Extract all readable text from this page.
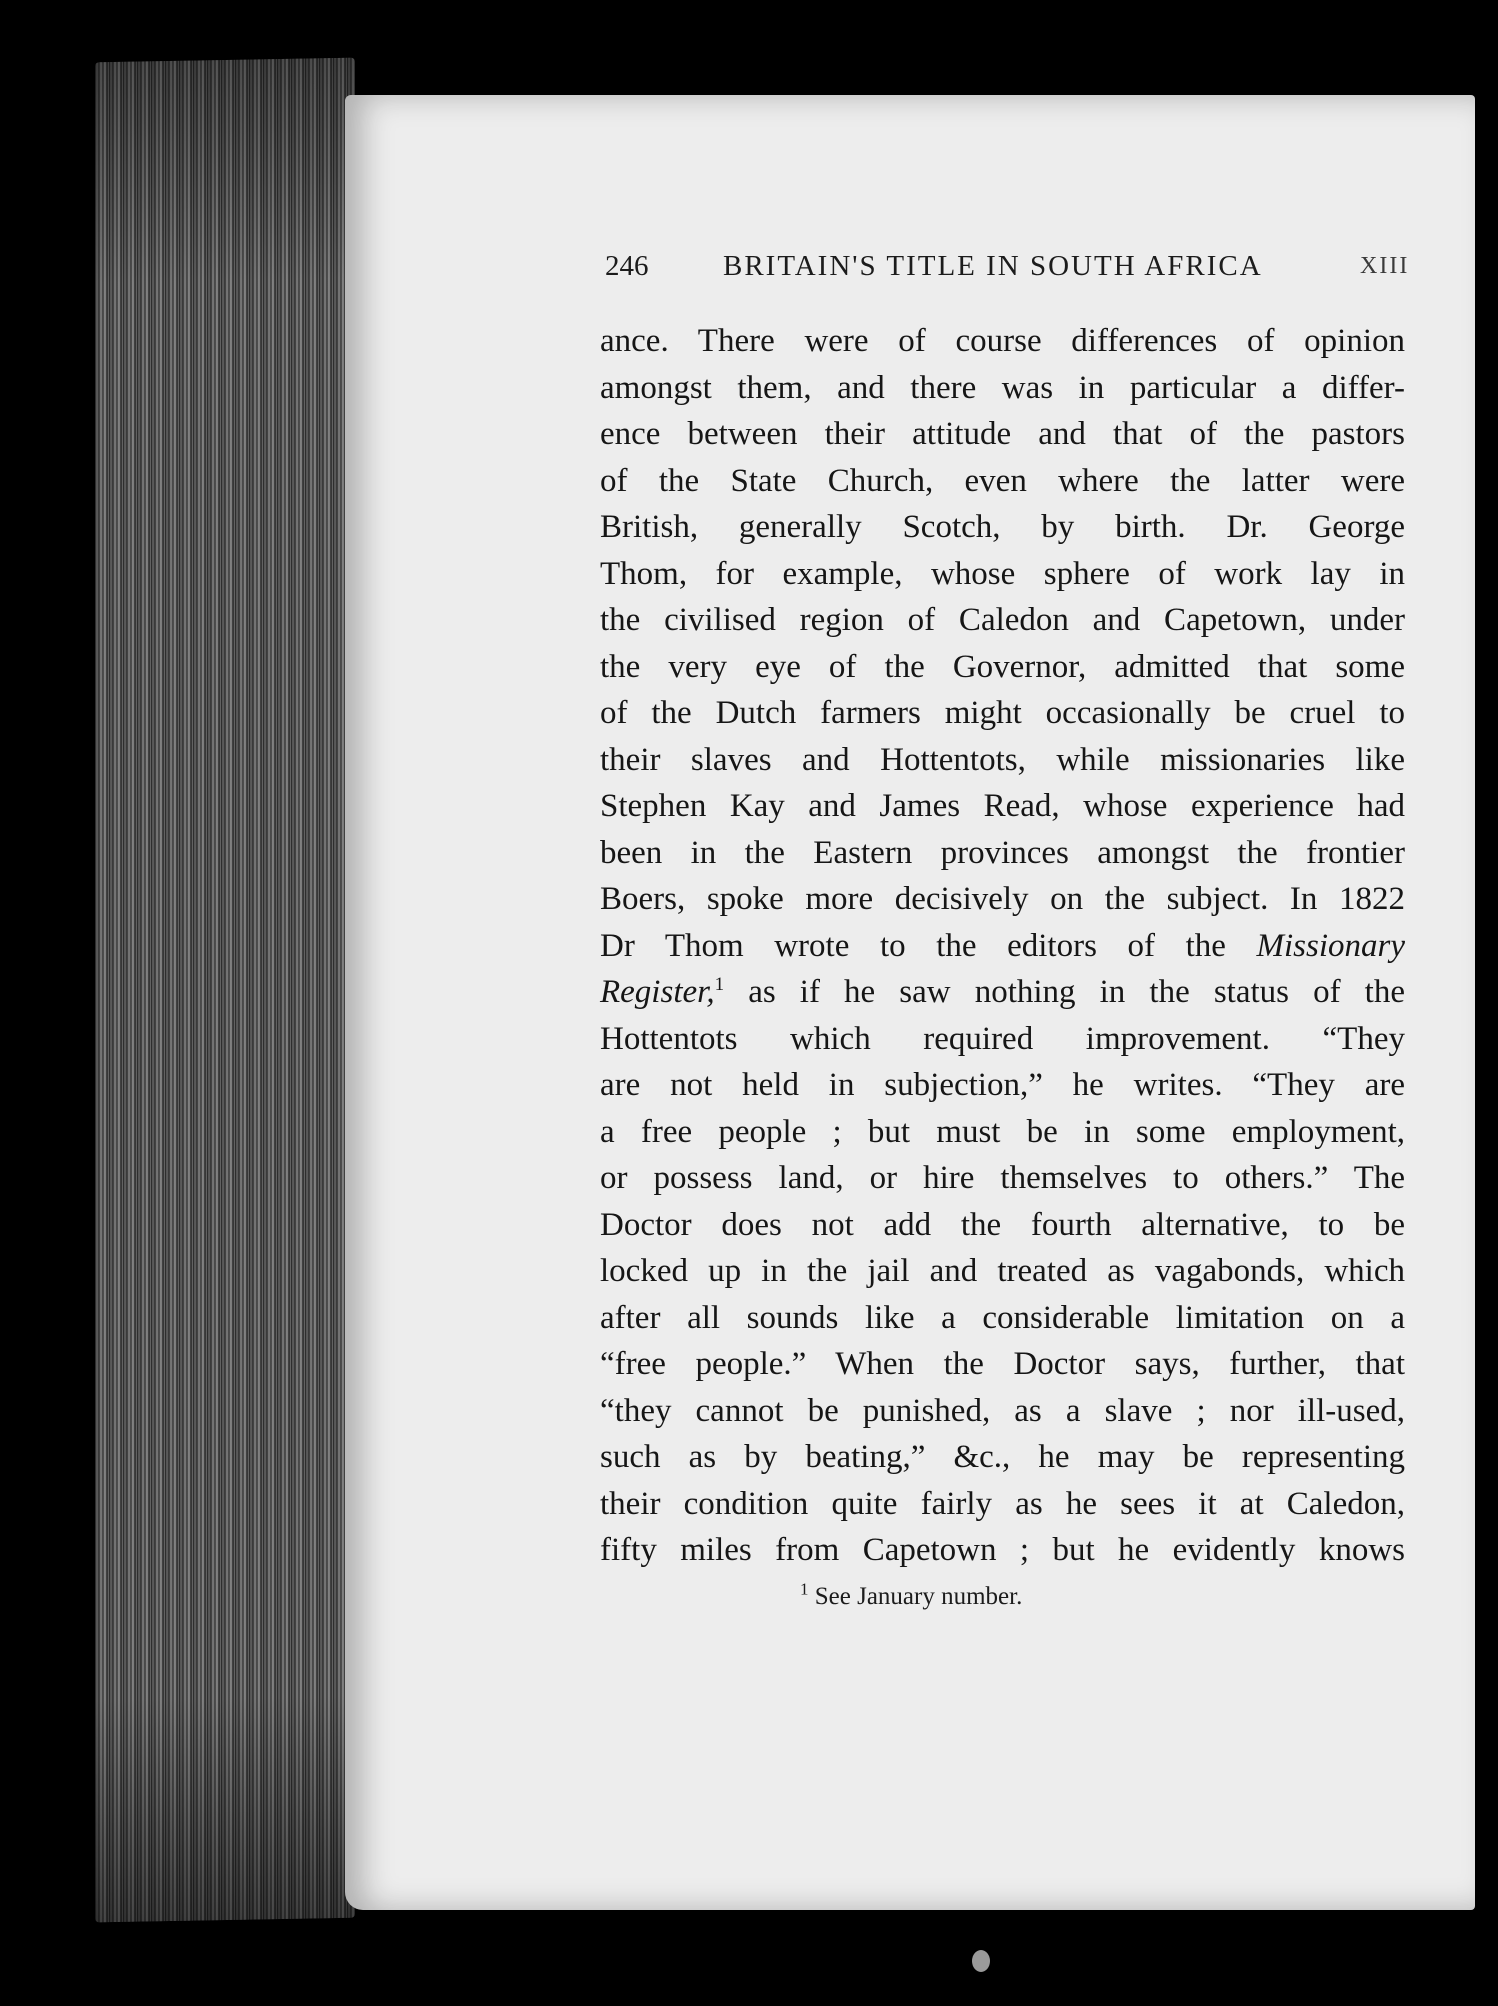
246	BRITAIN'S TITLE IN SOUTH AFRICA	XIII
ance. There were of course differences of opinion
amongst them, and there was in particular a differ-
ence between their attitude and that of the pastors
of the State Church, even where the latter were
British, generally Scotch, by birth. Dr. George
Thom, for example, whose sphere of work lay in
the civilised region of Caledon and Capetown, under
the very eye of the Governor, admitted that some
of the Dutch farmers might occasionally be cruel to
their slaves and Hottentots, while missionaries like
Stephen Kay and James Read, whose experience had
been in the Eastern provinces amongst the frontier
Boers, spoke more decisively on the subject. In 1822
Dr Thom wrote to the editors of the Missionary
Register,$^1$ as if he saw nothing in the status of the
Hottentots which required improvement. “They
are not held in subjection,” he writes. “They are
a free people ; but must be in some employment,
or possess land, or hire themselves to others.” The
Doctor does not add the fourth alternative, to be
locked up in the jail and treated as vagabonds, which
after all sounds like a considerable limitation on a
“free people.” When the Doctor says, further, that
“they cannot be punished, as a slave ; nor ill-used,
such as by beating,” &c., he may be representing
their condition quite fairly as he sees it at Caledon,
fifty miles from Capetown ; but he evidently knows
$^1$ See January number.
